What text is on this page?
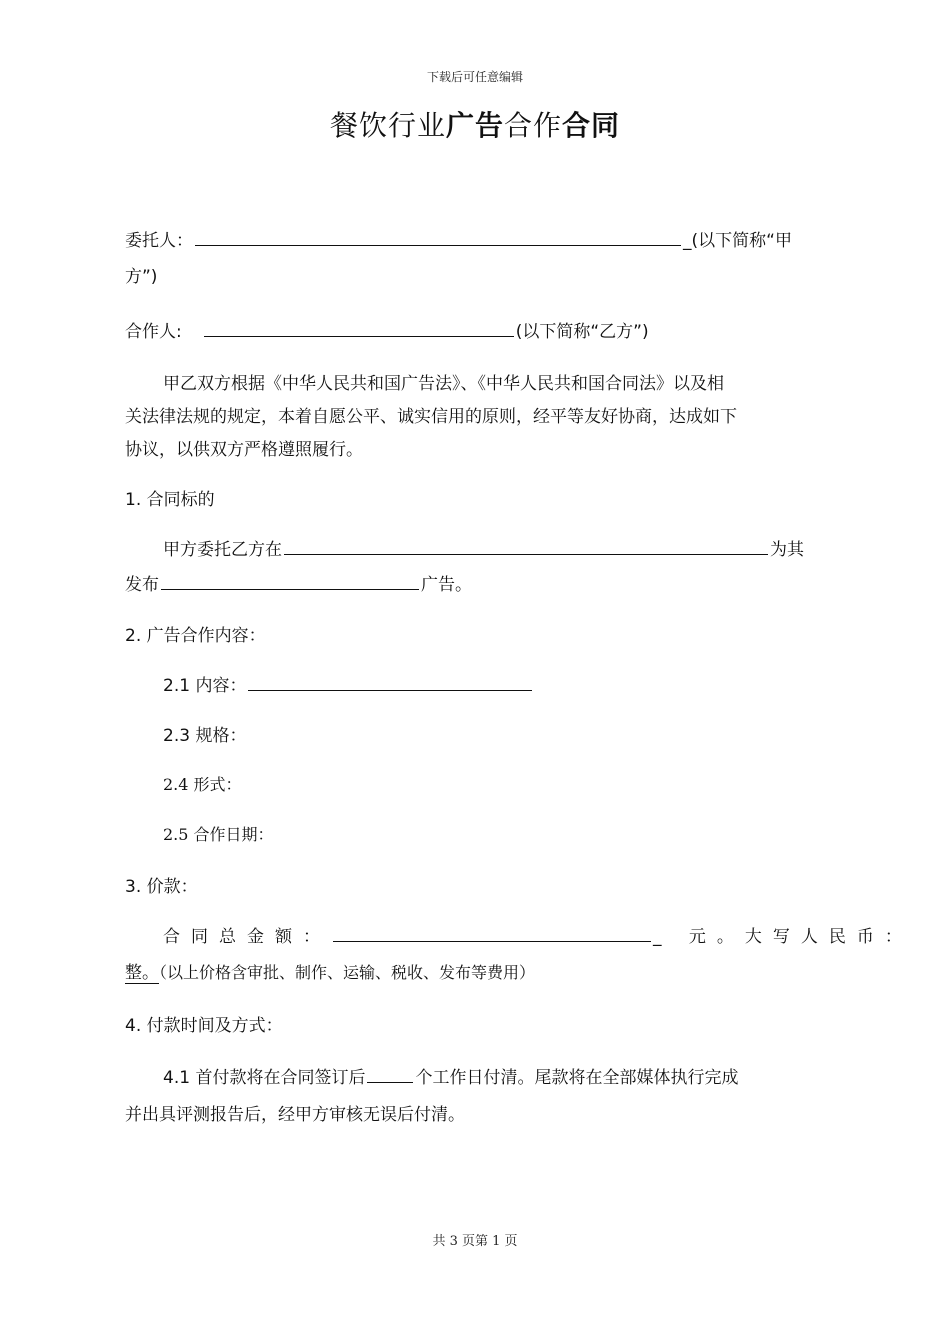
下载后可任意编辑
餐饮行业广告合作合同
委托人：	_(以下简称“甲
方”)
合作人:	(以下简称“乙方”)
甲乙双方根据《中华人民共和国广告法》、《中华人民共和国合同法》以及相
关法律法规的规定，本着自愿公平、诚实信用的原则，经平等友好协商，达成如下
协议，以供双方严格遵照履行。
1. 合同标的
甲方委托乙方在	为其
发布	广告。
2. 广告合作内容：
2.1 内容：
2.3 规格：
2.4 形式：
2.5 合作日期：
3. 价款：
合同总金额：	_ 元。大写人民币：
整。（以上价格含审批、制作、运输、税收、发布等费用）
4. 付款时间及方式：
4.1 首付款将在合同签订后	个工作日付清。尾款将在全部媒体执行完成
并出具评测报告后，经甲方审核无误后付清。
共 3 页第 1 页
